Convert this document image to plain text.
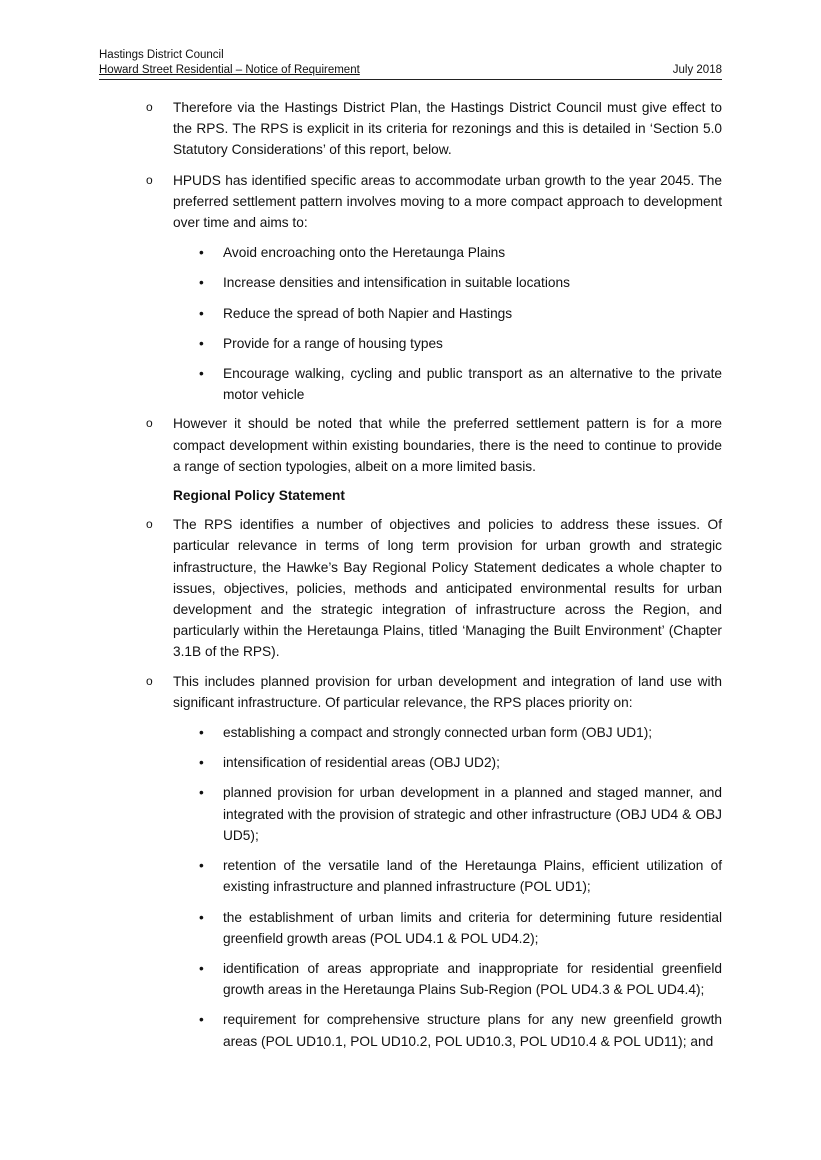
Hastings District Council
Howard Street Residential – Notice of Requirement	July 2018
o Therefore via the Hastings District Plan, the Hastings District Council must give effect to the RPS. The RPS is explicit in its criteria for rezonings and this is detailed in ‘Section 5.0 Statutory Considerations’ of this report, below.

o HPUDS has identified specific areas to accommodate urban growth to the year 2045. The preferred settlement pattern involves moving to a more compact approach to development over time and aims to:

• Avoid encroaching onto the Heretaunga Plains
• Increase densities and intensification in suitable locations
• Reduce the spread of both Napier and Hastings
• Provide for a range of housing types
• Encourage walking, cycling and public transport as an alternative to the private motor vehicle
o However it should be noted that while the preferred settlement pattern is for a more compact development within existing boundaries, there is the need to continue to provide a range of section typologies, albeit on a more limited basis.

Regional Policy Statement
o The RPS identifies a number of objectives and policies to address these issues. Of particular relevance in terms of long term provision for urban growth and strategic infrastructure, the Hawke’s Bay Regional Policy Statement dedicates a whole chapter to issues, objectives, policies, methods and anticipated environmental results for urban development and the strategic integration of infrastructure across the Region, and particularly within the Heretaunga Plains, titled ‘Managing the Built Environment’ (Chapter 3.1B of the RPS).

o This includes planned provision for urban development and integration of land use with significant infrastructure. Of particular relevance, the RPS places priority on:

• establishing a compact and strongly connected urban form (OBJ UD1);
• intensification of residential areas (OBJ UD2);
• planned provision for urban development in a planned and staged manner, and integrated with the provision of strategic and other infrastructure (OBJ UD4 & OBJ UD5);
• retention of the versatile land of the Heretaunga Plains, efficient utilization of existing infrastructure and planned infrastructure (POL UD1);
• the establishment of urban limits and criteria for determining future residential greenfield growth areas (POL UD4.1 & POL UD4.2);
• identification of areas appropriate and inappropriate for residential greenfield growth areas in the Heretaunga Plains Sub-Region (POL UD4.3 & POL UD4.4);
• requirement for comprehensive structure plans for any new greenfield growth areas (POL UD10.1, POL UD10.2, POL UD10.3, POL UD10.4 & POL UD11); and
